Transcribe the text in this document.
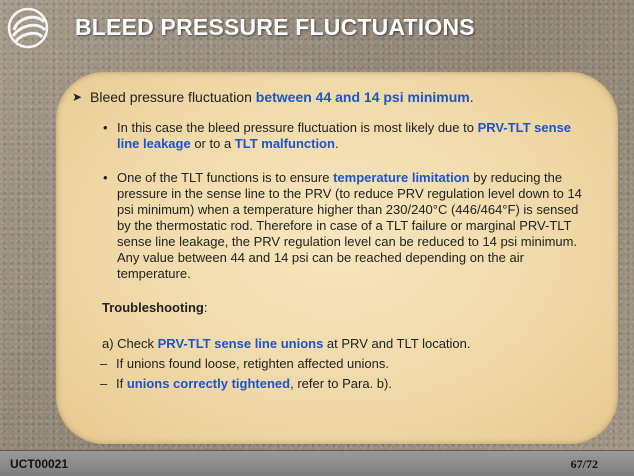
BLEED PRESSURE FLUCTUATIONS
➤ Bleed pressure fluctuation between 44 and 14 psi minimum.
• In this case the bleed pressure fluctuation is most likely due to PRV-TLT sense line leakage or to a TLT malfunction.
• One of the TLT functions is to ensure temperature limitation by reducing the pressure in the sense line to the PRV (to reduce PRV regulation level down to 14 psi minimum) when a temperature higher than 230/240°C (446/464°F) is sensed by the thermostatic rod. Therefore in case of a TLT failure or marginal PRV-TLT sense line leakage, the PRV regulation level can be reduced to 14 psi minimum. Any value between 44 and 14 psi can be reached depending on the air temperature.
Troubleshooting:
a) Check PRV-TLT sense line unions at PRV and TLT location.
– If unions found loose, retighten affected unions.
– If unions correctly tightened, refer to Para. b).
UCT00021	67/72
